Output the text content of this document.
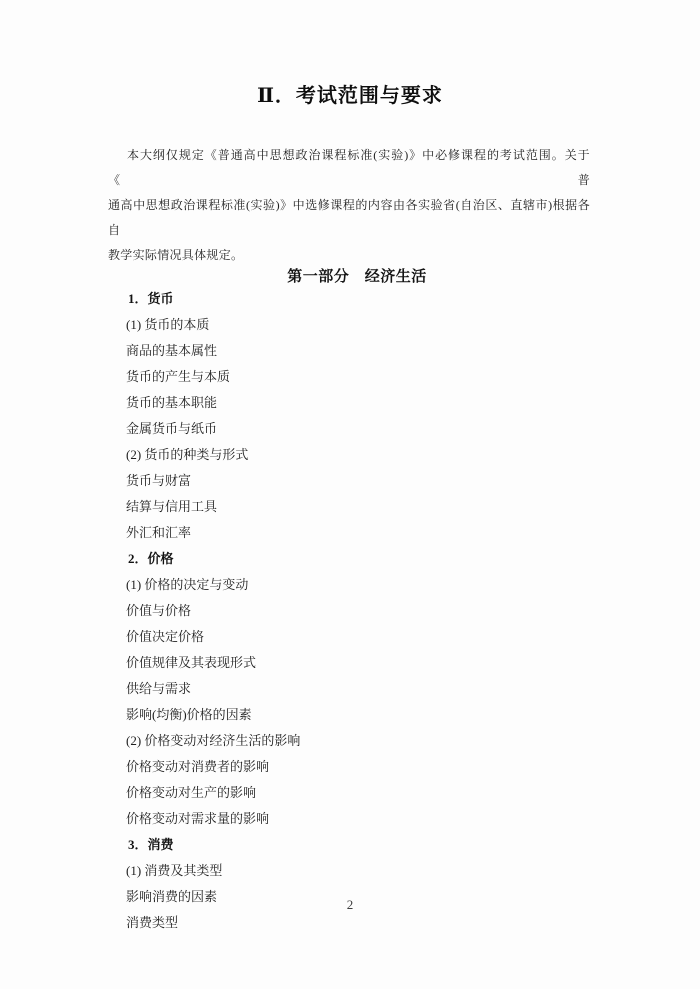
Ⅱ．考试范围与要求
本大纲仅规定《普通高中思想政治课程标准(实验)》中必修课程的考试范围。关于《普
通高中思想政治课程标准(实验)》中选修课程的内容由各实验省(自治区、直辖市)根据各自
教学实际情况具体规定。
第一部分　经济生活
1．货币
(1) 货币的本质
商品的基本属性
货币的产生与本质
货币的基本职能
金属货币与纸币
(2) 货币的种类与形式
货币与财富
结算与信用工具
外汇和汇率
2．价格
(1) 价格的决定与变动
价值与价格
价值决定价格
价值规律及其表现形式
供给与需求
影响(均衡)价格的因素
(2) 价格变动对经济生活的影响
价格变动对消费者的影响
价格变动对生产的影响
价格变动对需求量的影响
3．消费
(1) 消费及其类型
影响消费的因素
消费类型
2
